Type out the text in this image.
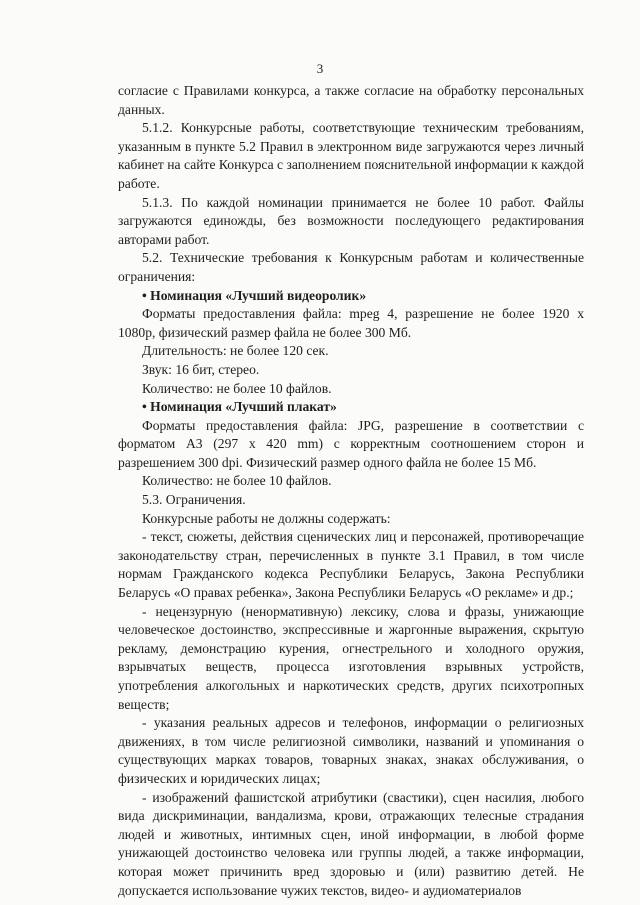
3

согласие с Правилами конкурса, а также согласие на обработку персональных данных.

5.1.2. Конкурсные работы, соответствующие техническим требованиям, указанным в пункте 5.2 Правил в электронном виде загружаются через личный кабинет на сайте Конкурса с заполнением пояснительной информации к каждой работе.

5.1.3. По каждой номинации принимается не более 10 работ. Файлы загружаются единожды, без возможности последующего редактирования авторами работ.

5.2. Технические требования к Конкурсным работам и количественные ограничения:

• Номинация «Лучший видеоролик»

Форматы предоставления файла: mpeg 4, разрешение не более 1920 x 1080p, физический размер файла не более 300 Мб.

Длительность: не более 120 сек.

Звук: 16 бит, стерео.

Количество: не более 10 файлов.

• Номинация «Лучший плакат»

Форматы предоставления файла: JPG, разрешение в соответствии с форматом А3 (297 x 420 mm) с корректным соотношением сторон и разрешением 300 dpi. Физический размер одного файла не более 15 Мб.

Количество: не более 10 файлов.

5.3. Ограничения.

Конкурсные работы не должны содержать:

- текст, сюжеты, действия сценических лиц и персонажей, противоречащие законодательству стран, перечисленных в пункте 3.1 Правил, в том числе нормам Гражданского кодекса Республики Беларусь, Закона Республики Беларусь «О правах ребенка», Закона Республики Беларусь «О рекламе» и др.;

- нецензурную (ненормативную) лексику, слова и фразы, унижающие человеческое достоинство, экспрессивные и жаргонные выражения, скрытую рекламу, демонстрацию курения, огнестрельного и холодного оружия, взрывчатых веществ, процесса изготовления взрывных устройств, употребления алкогольных и наркотических средств, других психотропных веществ;

- указания реальных адресов и телефонов, информации о религиозных движениях, в том числе религиозной символики, названий и упоминания о существующих марках товаров, товарных знаках, знаках обслуживания, о физических и юридических лицах;

- изображений фашистской атрибутики (свастики), сцен насилия, любого вида дискриминации, вандализма, крови, отражающих телесные страдания людей и животных, интимных сцен, иной информации, в любой форме унижающей достоинство человека или группы людей, а также информации, которая может причинить вред здоровью и (или) развитию детей. Не допускается использование чужих текстов, видео- и аудиоматериалов
